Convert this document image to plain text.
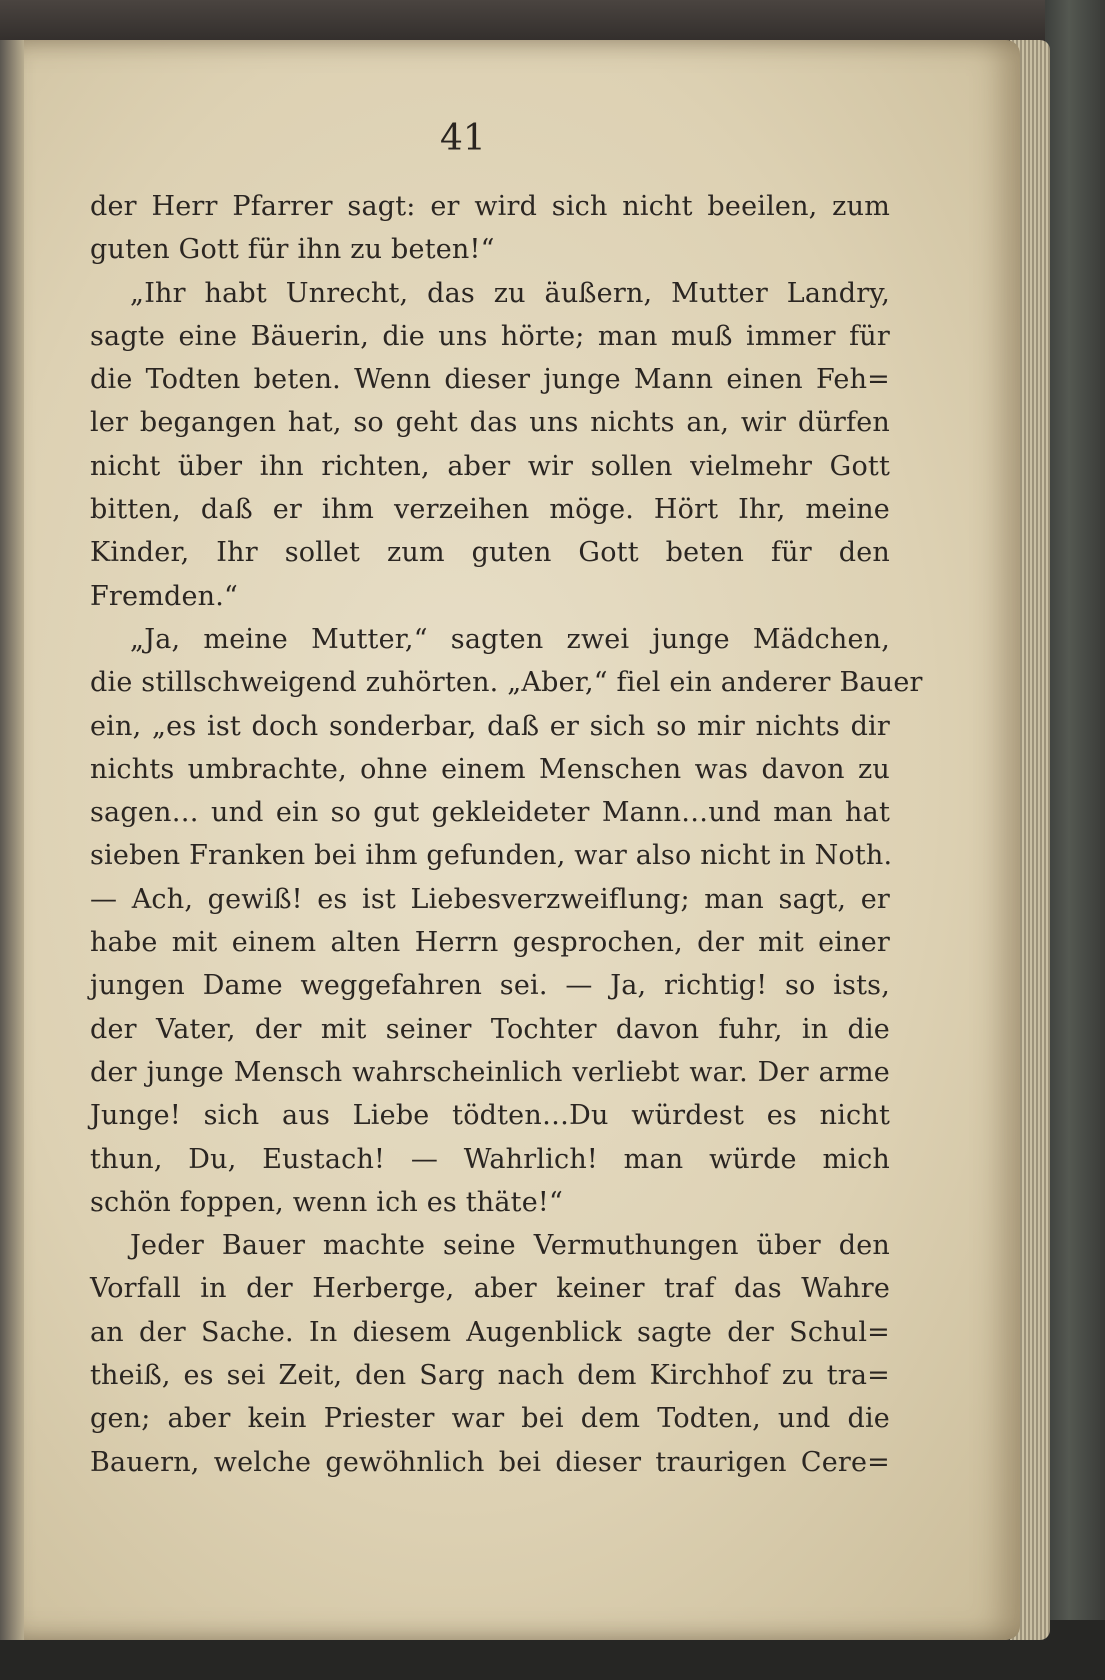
41
der Herr Pfarrer sagt: er wird sich nicht beeilen, zum
guten Gott für ihn zu beten!“
„Ihr habt Unrecht, das zu äußern, Mutter Landry,
sagte eine Bäuerin, die uns hörte; man muß immer für
die Todten beten. Wenn dieser junge Mann einen Feh=
ler begangen hat, so geht das uns nichts an, wir dürfen
nicht über ihn richten, aber wir sollen vielmehr Gott
bitten, daß er ihm verzeihen möge. Hört Ihr, meine
Kinder, Ihr sollet zum guten Gott beten für den
Fremden.“
„Ja, meine Mutter,“ sagten zwei junge Mädchen,
die stillschweigend zuhörten. „Aber,“ fiel ein anderer Bauer
ein, „es ist doch sonderbar, daß er sich so mir nichts dir
nichts umbrachte, ohne einem Menschen was davon zu
sagen… und ein so gut gekleideter Mann…und man hat
sieben Franken bei ihm gefunden, war also nicht in Noth.
— Ach, gewiß! es ist Liebesverzweiflung; man sagt, er
habe mit einem alten Herrn gesprochen, der mit einer
jungen Dame weggefahren sei. — Ja, richtig! so ists,
der Vater, der mit seiner Tochter davon fuhr, in die
der junge Mensch wahrscheinlich verliebt war. Der arme
Junge! sich aus Liebe tödten…Du würdest es nicht
thun, Du, Eustach! — Wahrlich! man würde mich
schön foppen, wenn ich es thäte!“
Jeder Bauer machte seine Vermuthungen über den
Vorfall in der Herberge, aber keiner traf das Wahre
an der Sache. In diesem Augenblick sagte der Schul=
theiß, es sei Zeit, den Sarg nach dem Kirchhof zu tra=
gen; aber kein Priester war bei dem Todten, und die
Bauern, welche gewöhnlich bei dieser traurigen Cere=
